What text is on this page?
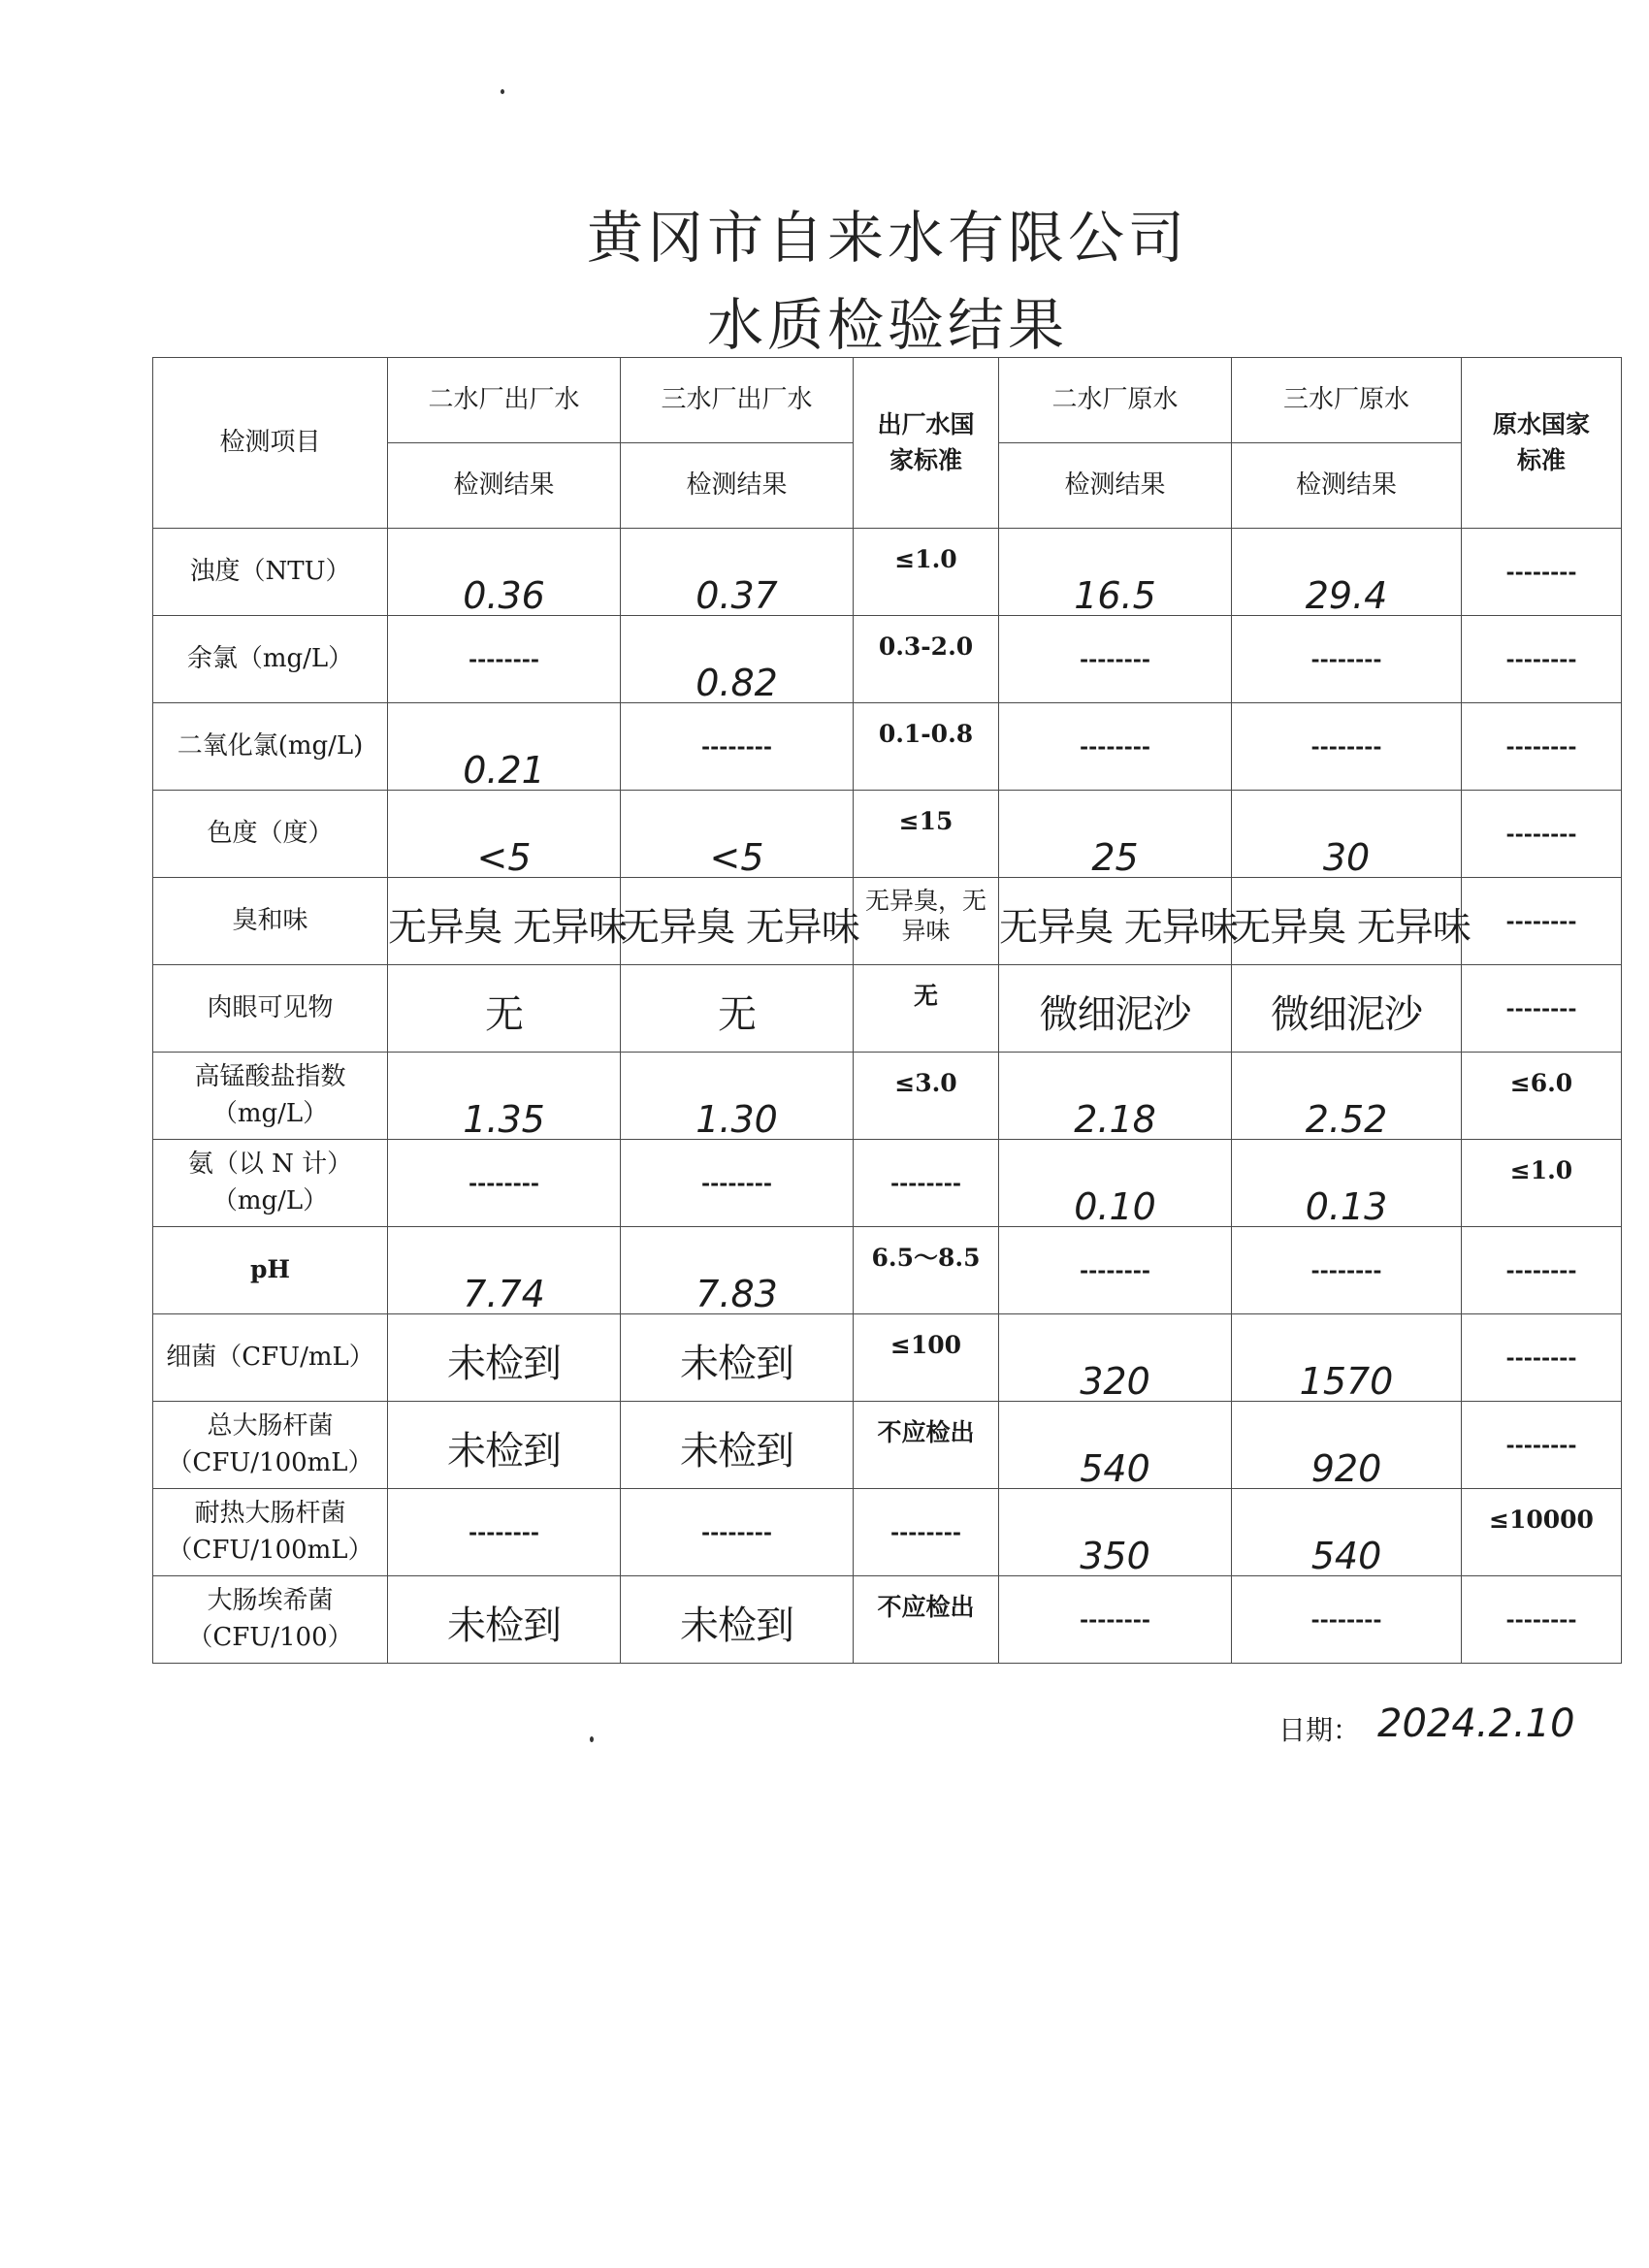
黄冈市自来水有限公司
水质检验结果
检测项目	二水厂出厂水	三水厂出厂水	出厂水国家标准	二水厂原水	三水厂原水	原水国家标准
	检测结果	检测结果		检测结果	检测结果	

浊度（NTU）	0.36	0.37	≤1.0	16.5	29.4	--------

余氯（mg/L）	--------	0.82	0.3-2.0	--------	--------	--------

二氧化氯(mg/L)	0.21	--------	0.1-0.8	--------	--------	--------

色度（度）	<5	<5	≤15	25	30	--------

臭和味	无异臭 无异味	无异臭 无异味	无异臭，无异味	无异臭 无异味	无异臭 无异味	--------

肉眼可见物	无	无	无	微细泥沙	微细泥沙	--------

高锰酸盐指数
（mg/L）	1.35	1.30	≤3.0	2.18	2.52	≤6.0

氨（以 N 计）
（mg/L）	--------	--------	--------	0.10	0.13	≤1.0

pH	7.74	7.83	6.5～8.5	--------	--------	--------

细菌（CFU/mL）	未检到	未检到	≤100	320	1570	--------

总大肠杆菌
（CFU/100mL）	未检到	未检到	不应检出	540	920	--------

耐热大肠杆菌
（CFU/100mL）	--------	--------	--------	350	540	≤10000

大肠埃希菌
（CFU/100）	未检到	未检到	不应检出	--------	--------	--------
日期： 2024.2.10
